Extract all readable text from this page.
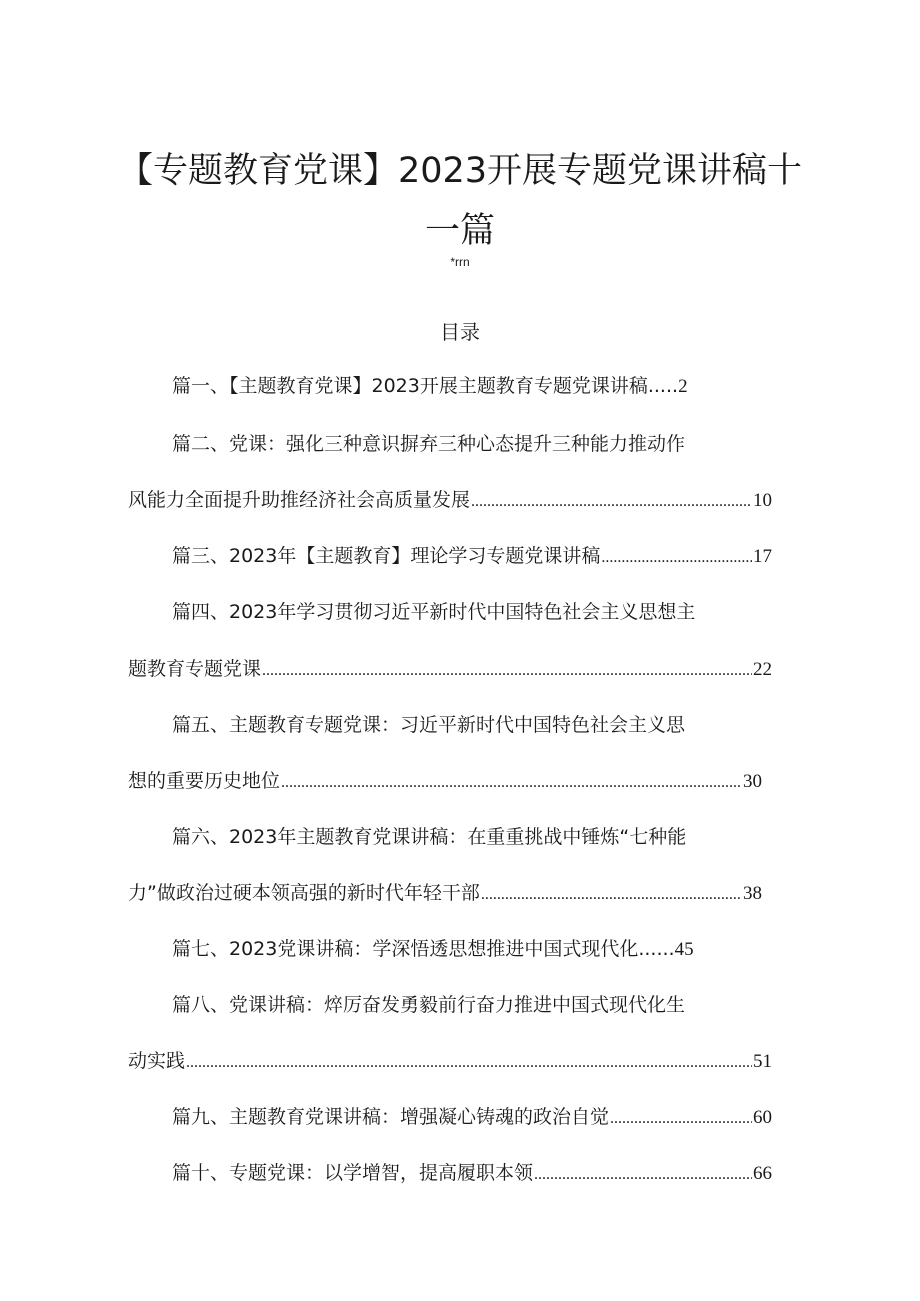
【专题教育党课】2023开展专题党课讲稿十
一篇
*rrn
目录
篇一、【主题教育党课】2023开展主题教育专题党课讲稿..... 2
篇二、党课：强化三种意识摒弃三种心态提升三种能力推动作
风能力全面提升助推经济社会高质量发展 .....	10
篇三、2023年【主题教育】理论学习专题党课讲稿 .....	17
篇四、2023年学习贯彻习近平新时代中国特色社会主义思想主
题教育专题党课 .....	22
篇五、主题教育专题党课：习近平新时代中国特色社会主义思
想的重要历史地位 .....	30
篇六、2023年主题教育党课讲稿：在重重挑战中锤炼“七种能
力”做政治过硬本领高强的新时代年轻干部 .....	38
篇七、2023党课讲稿：学深悟透思想推进中国式现代化...... 45
篇八、党课讲稿：焠厉奋发勇毅前行奋力推进中国式现代化生
动实践 .....	51
篇九、主题教育党课讲稿：增强凝心铸魂的政治自觉 .....	60
篇十、专题党课：以学增智，提高履职本领 .....	66
